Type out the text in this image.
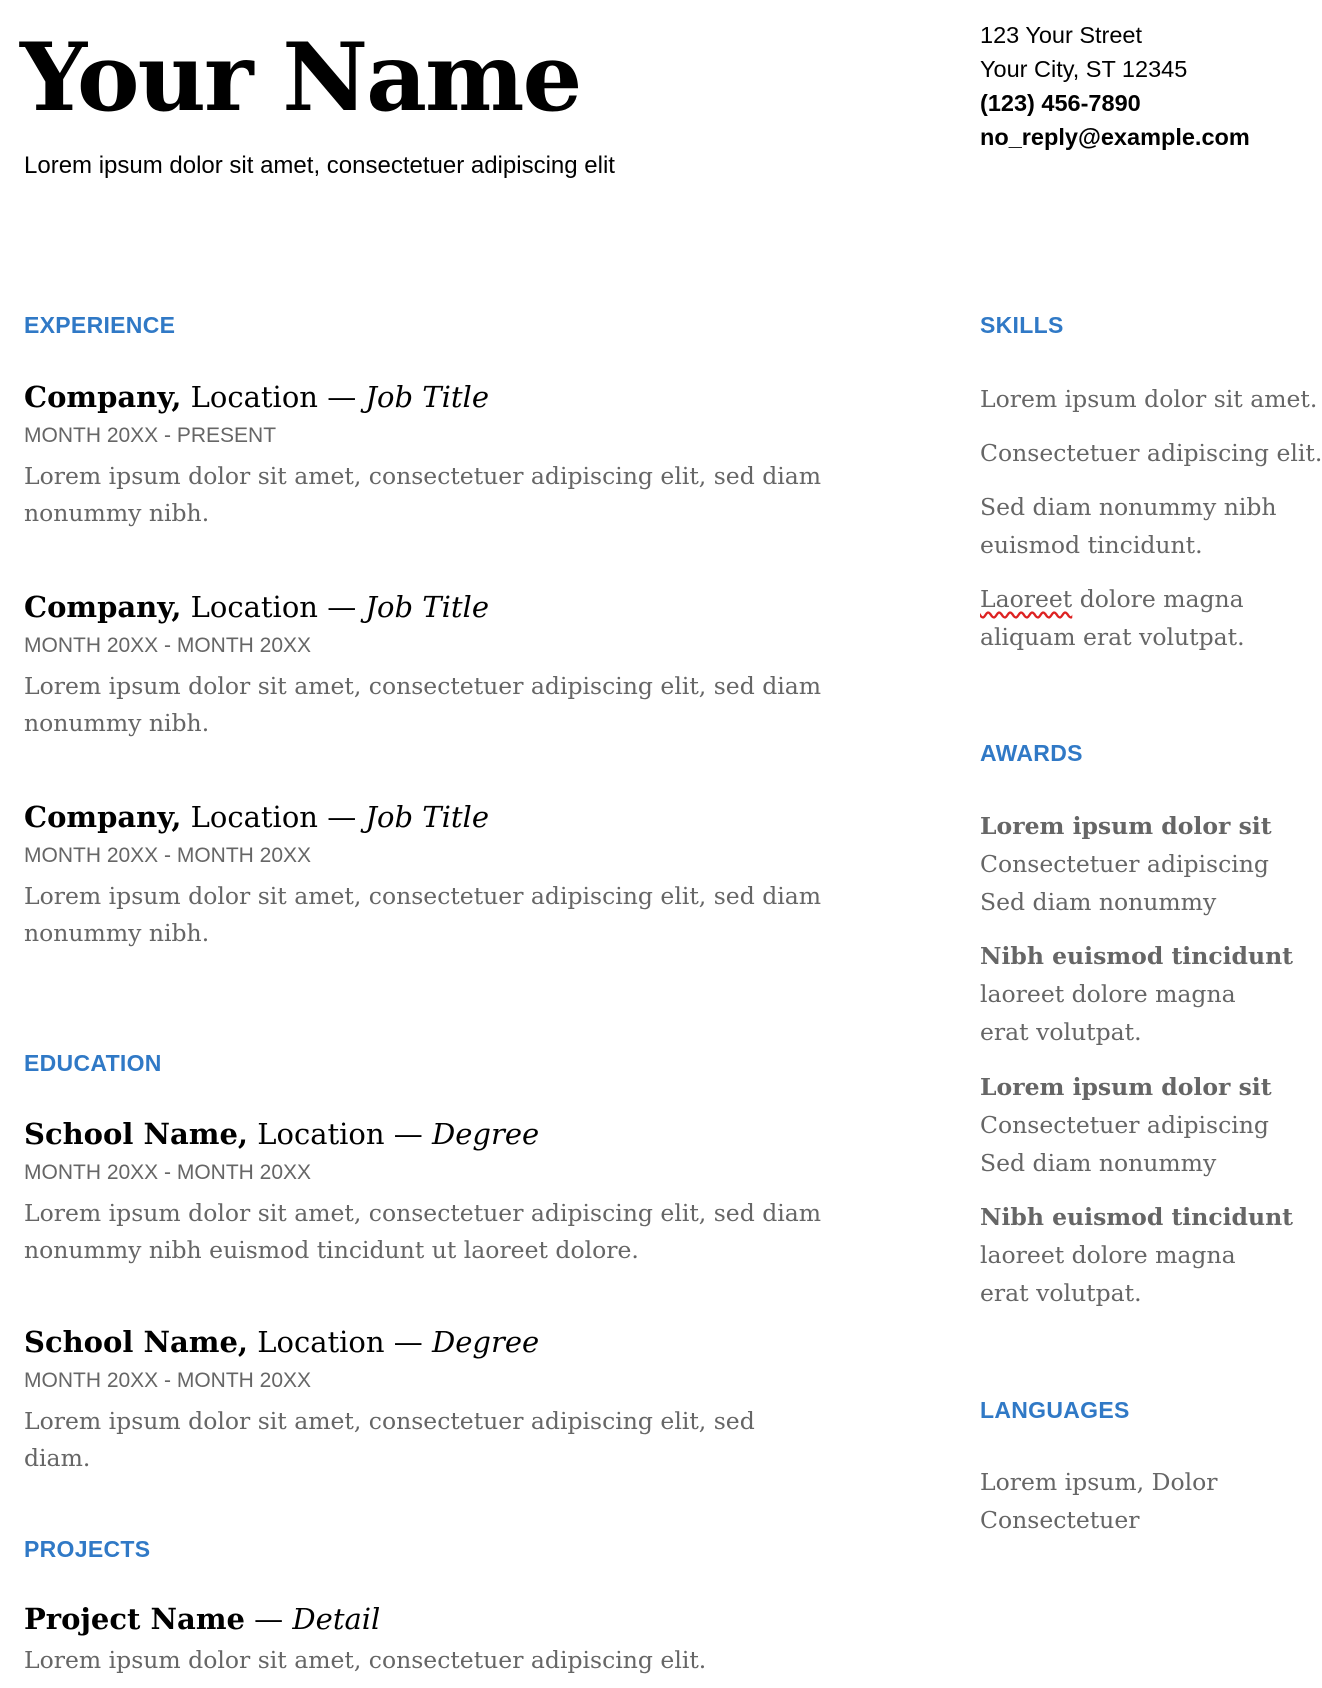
Your Name
Lorem ipsum dolor sit amet, consectetuer adipiscing elit
123 Your Street
Your City, ST 12345
(123) 456-7890
no_reply@example.com
EXPERIENCE
Company, Location — Job Title
MONTH 20XX - PRESENT
Lorem ipsum dolor sit amet, consectetuer adipiscing elit, sed diam
nonummy nibh.
Company, Location — Job Title
MONTH 20XX - MONTH 20XX
Lorem ipsum dolor sit amet, consectetuer adipiscing elit, sed diam
nonummy nibh.
Company, Location — Job Title
MONTH 20XX - MONTH 20XX
Lorem ipsum dolor sit amet, consectetuer adipiscing elit, sed diam
nonummy nibh.
EDUCATION
School Name, Location — Degree
MONTH 20XX - MONTH 20XX
Lorem ipsum dolor sit amet, consectetuer adipiscing elit, sed diam
nonummy nibh euismod tincidunt ut laoreet dolore.
School Name, Location — Degree
MONTH 20XX - MONTH 20XX
Lorem ipsum dolor sit amet, consectetuer adipiscing elit, sed diam.
PROJECTS
Project Name — Detail
Lorem ipsum dolor sit amet, consectetuer adipiscing elit.
SKILLS
Lorem ipsum dolor sit amet.
Consectetuer adipiscing elit.
Sed diam nonummy nibh
euismod tincidunt.
Laoreet dolore magna
aliquam erat volutpat.
AWARDS
Lorem ipsum dolor sit
Consectetuer adipiscing
Sed diam nonummy
Nibh euismod tincidunt
laoreet dolore magna
erat volutpat.
Lorem ipsum dolor sit
Consectetuer adipiscing
Sed diam nonummy
Nibh euismod tincidunt
laoreet dolore magna
erat volutpat.
LANGUAGES
Lorem ipsum, Dolor
Consectetuer
